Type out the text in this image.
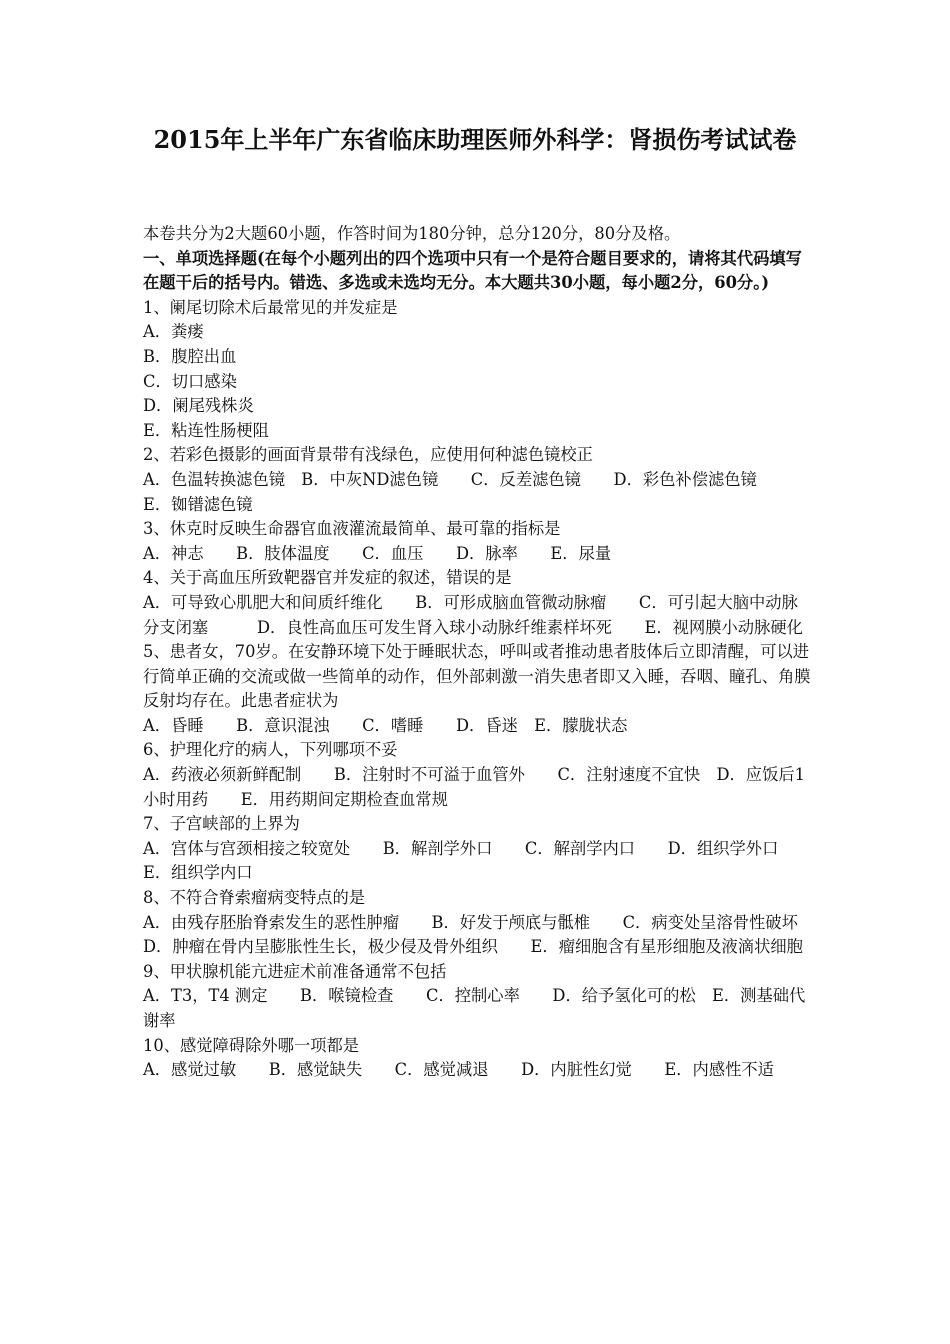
2015年上半年广东省临床助理医师外科学：肾损伤考试试卷

本卷共分为2大题60小题，作答时间为180分钟，总分120分，80分及格。

一、单项选择题(在每个小题列出的四个选项中只有一个是符合题目要求的，请将其代码填写在题干后的括号内。错选、多选或未选均无分。本大题共30小题，每小题2分，60分。)

1、阑尾切除术后最常见的并发症是

A．粪瘘

B．腹腔出血

C．切口感染

D．阑尾残株炎

E．粘连性肠梗阻

2、若彩色摄影的画面背景带有浅绿色，应使用何种滤色镜校正

A．色温转换滤色镜　B．中灰ND滤色镜　　C．反差滤色镜　　D．彩色补偿滤色镜　　E．铷镨滤色镜

3、休克时反映生命器官血液灌流最简单、最可靠的指标是

A．神志　　B．肢体温度　　C．血压　　D．脉率　　E．尿量

4、关于高血压所致靶器官并发症的叙述，错误的是

A．可导致心肌肥大和间质纤维化　　B．可形成脑血管微动脉瘤　　C．可引起大脑中动脉分支闭塞　　　D．良性高血压可发生肾入球小动脉纤维素样坏死　　E．视网膜小动脉硬化

5、患者女，70岁。在安静环境下处于睡眠状态，呼叫或者推动患者肢体后立即清醒，可以进行简单正确的交流或做一些简单的动作，但外部刺激一消失患者即又入睡，吞咽、瞳孔、角膜反射均存在。此患者症状为

A．昏睡　　B．意识混浊　　C．嗜睡　　D．昏迷　E．朦胧状态

6、护理化疗的病人，下列哪项不妥

A．药液必须新鲜配制　　B．注射时不可溢于血管外　　C．注射速度不宜快　D．应饭后1小时用药　　E．用药期间定期检查血常规

7、子宫峡部的上界为

A．宫体与宫颈相接之较宽处　　B．解剖学外口　　C．解剖学内口　　D．组织学外口　　E．组织学内口

8、不符合脊索瘤病变特点的是

A．由残存胚胎脊索发生的恶性肿瘤　　B．好发于颅底与骶椎　　C．病变处呈溶骨性破坏　　D．肿瘤在骨内呈膨胀性生长，极少侵及骨外组织　　E．瘤细胞含有星形细胞及液滴状细胞

9、甲状腺机能亢进症术前准备通常不包括

A．T3，T4 测定　　B．喉镜检查　　C．控制心率　　D．给予氢化可的松　E．测基础代谢率

10、感觉障碍除外哪一项都是

A．感觉过敏　　B．感觉缺失　　C．感觉减退　　D．内脏性幻觉　　E．内感性不适
